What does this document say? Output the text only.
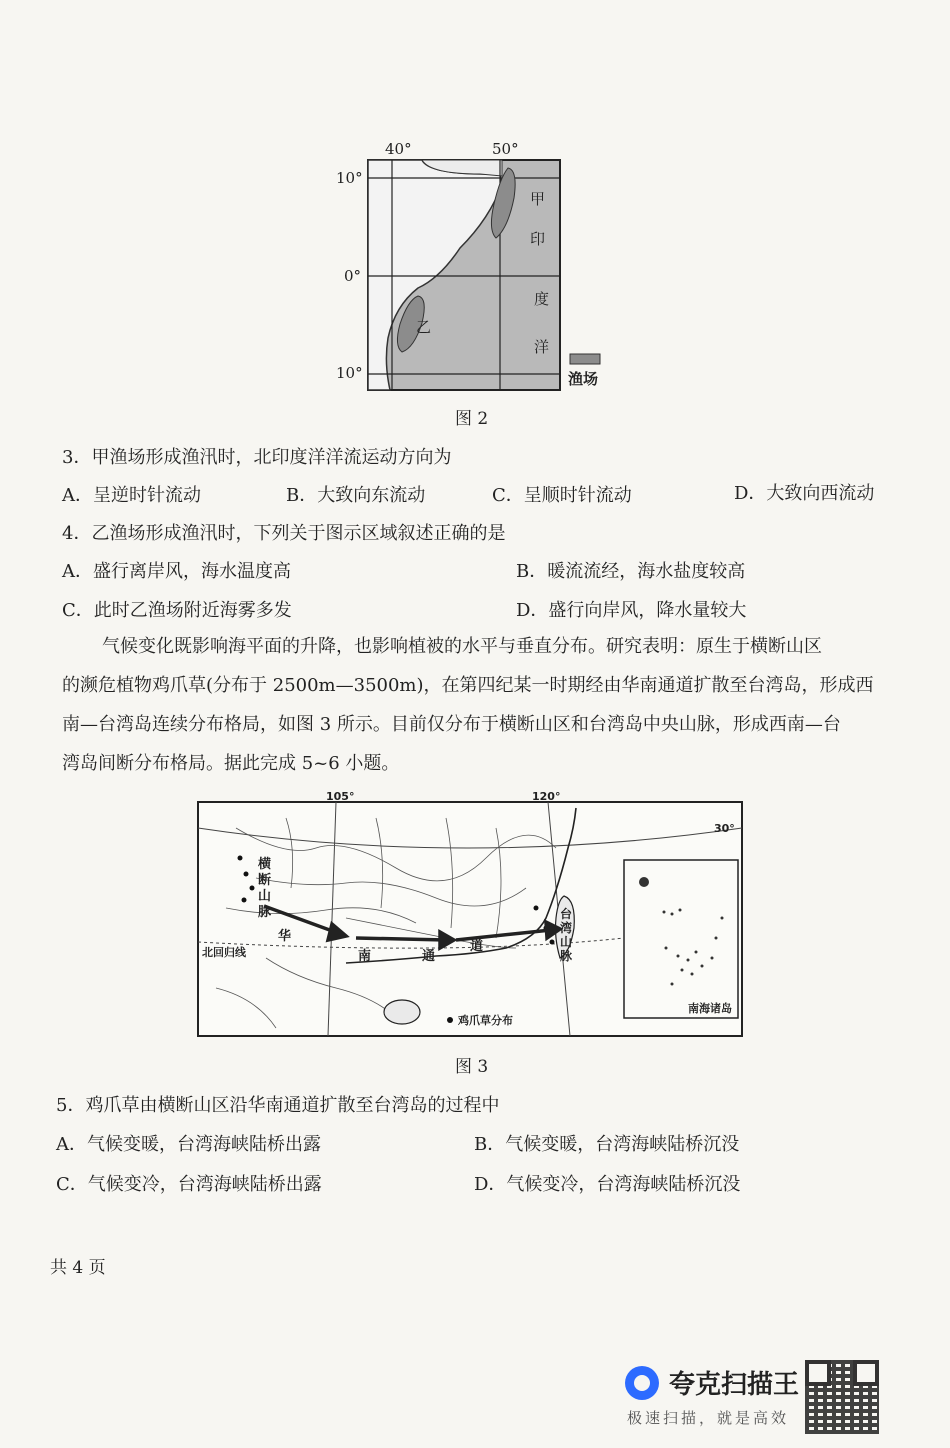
40°	50°
10°
0°
10°
甲
印
度
洋
乙
渔场
图 2
3．甲渔场形成渔汛时，北印度洋洋流运动方向为
A．呈逆时针流动	B．大致向东流动	C．呈顺时针流动	D．大致向西流动
4．乙渔场形成渔汛时，下列关于图示区域叙述正确的是
A．盛行离岸风，海水温度高	B．暖流流经，海水盐度较高
C．此时乙渔场附近海雾多发	D．盛行向岸风，降水量较大
气候变化既影响海平面的升降，也影响植被的水平与垂直分布。研究表明：原生于横断山区
的濒危植物鸡爪草(分布于 2500m—3500m)，在第四纪某一时期经由华南通道扩散至台湾岛，形成西
南—台湾岛连续分布格局，如图 3 所示。目前仅分布于横断山区和台湾岛中央山脉，形成西南—台
湾岛间断分布格局。据此完成 5~6 小题。
105°	120°
30°
横
断
山
脉
华
南	通
道
台
湾
山
脉
北回归线
鸡爪草分布
南海诸岛
图 3
5．鸡爪草由横断山区沿华南通道扩散至台湾岛的过程中
A．气候变暖，台湾海峡陆桥出露	B．气候变暖，台湾海峡陆桥沉没
C．气候变冷，台湾海峡陆桥出露	D．气候变冷，台湾海峡陆桥沉没
共 4 页
夸克扫描王
极速扫描，就是高效
